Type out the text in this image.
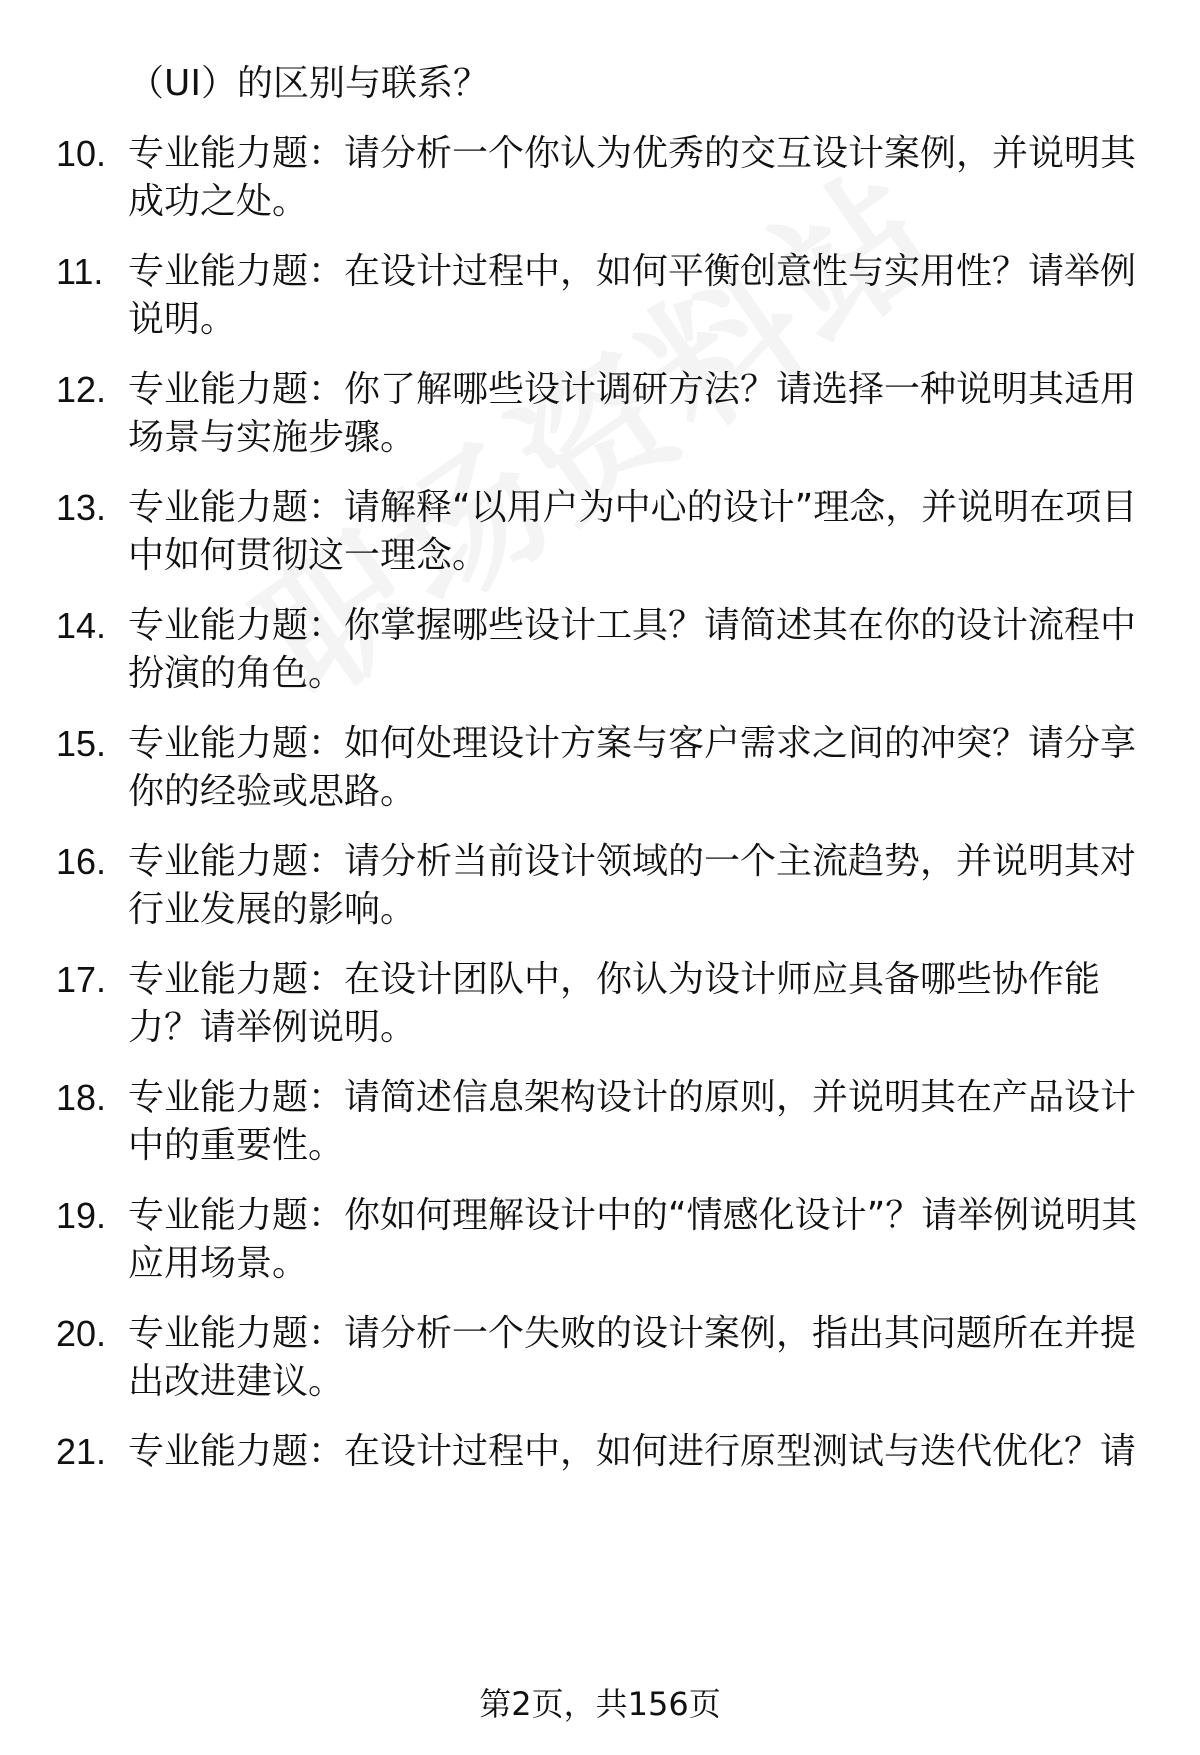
（UI）的区别与联系？
10. 专业能力题：请分析一个你认为优秀的交互设计案例，并说明其成功之处。
11. 专业能力题：在设计过程中，如何平衡创意性与实用性？请举例说明。
12. 专业能力题：你了解哪些设计调研方法？请选择一种说明其适用场景与实施步骤。
13. 专业能力题：请解释“以用户为中心的设计”理念，并说明在项目中如何贯彻这一理念。
14. 专业能力题：你掌握哪些设计工具？请简述其在你的设计流程中扮演的角色。
15. 专业能力题：如何处理设计方案与客户需求之间的冲突？请分享你的经验或思路。
16. 专业能力题：请分析当前设计领域的一个主流趋势，并说明其对行业发展的影响。
17. 专业能力题：在设计团队中，你认为设计师应具备哪些协作能力？请举例说明。
18. 专业能力题：请简述信息架构设计的原则，并说明其在产品设计中的重要性。
19. 专业能力题：你如何理解设计中的“情感化设计”？请举例说明其应用场景。
20. 专业能力题：请分析一个失败的设计案例，指出其问题所在并提出改进建议。
21. 专业能力题：在设计过程中，如何进行原型测试与迭代优化？请
第2页，共156页
